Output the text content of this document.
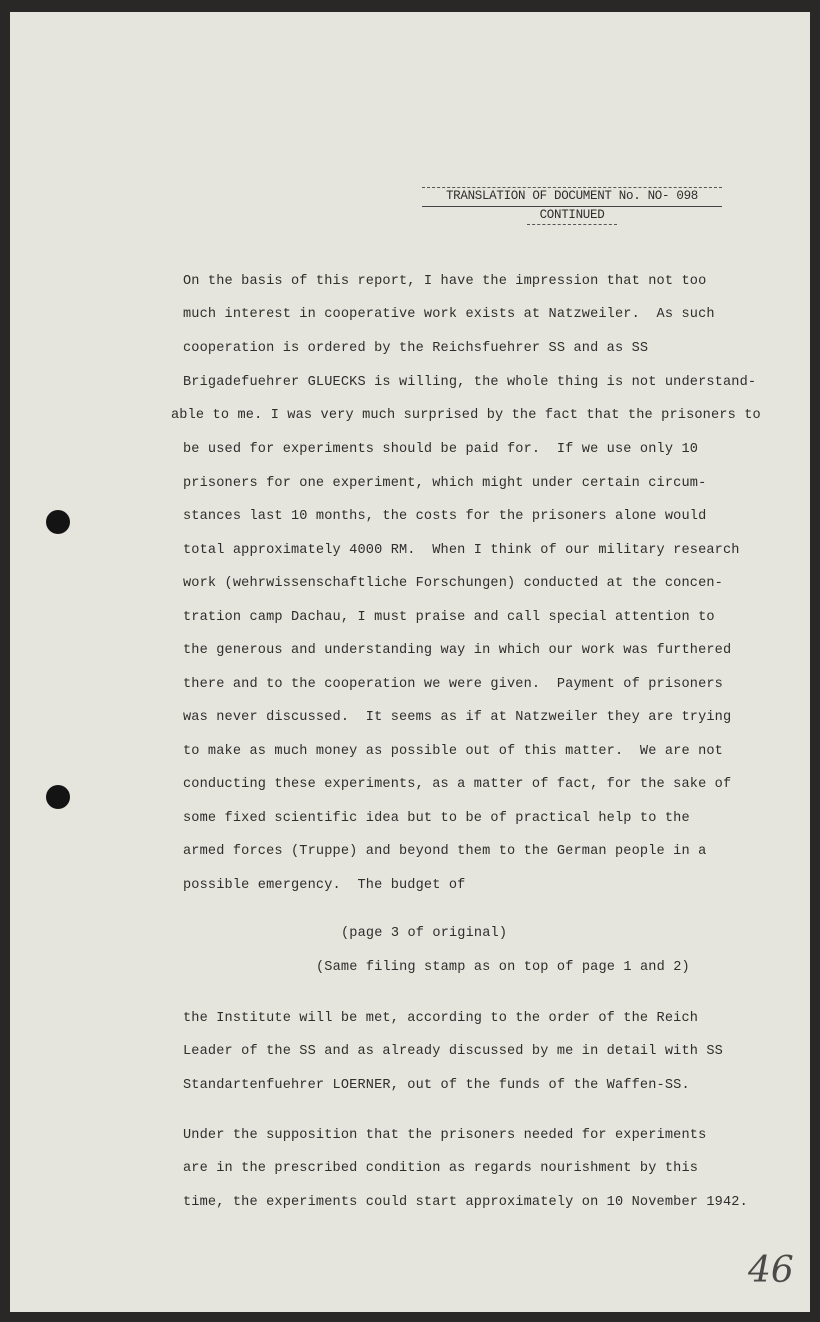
TRANSLATION OF DOCUMENT No. NO- 098
CONTINUED
On the basis of this report, I have the impression that not too
much interest in cooperative work exists at Natzweiler.  As such
cooperation is ordered by the Reichsfuehrer SS and as SS
Brigadefuehrer GLUECKS is willing, the whole thing is not understand-
able to me. I was very much surprised by the fact that the prisoners to
be used for experiments should be paid for.  If we use only 10
prisoners for one experiment, which might under certain circum-
stances last 10 months, the costs for the prisoners alone would
total approximately 4000 RM.  When I think of our military research
work (wehrwissenschaftliche Forschungen) conducted at the concen-
tration camp Dachau, I must praise and call special attention to
the generous and understanding way in which our work was furthered
there and to the cooperation we were given.  Payment of prisoners
was never discussed.  It seems as if at Natzweiler they are trying
to make as much money as possible out of this matter.  We are not
conducting these experiments, as a matter of fact, for the sake of
some fixed scientific idea but to be of practical help to the
armed forces (Truppe) and beyond them to the German people in a
possible emergency.  The budget of
(page 3 of original)
(Same filing stamp as on top of page 1 and 2)
the Institute will be met, according to the order of the Reich
Leader of the SS and as already discussed by me in detail with SS
Standartenfuehrer LOERNER, out of the funds of the Waffen-SS.
Under the supposition that the prisoners needed for experiments
are in the prescribed condition as regards nourishment by this
time, the experiments could start approximately on 10 November 1942.
46
